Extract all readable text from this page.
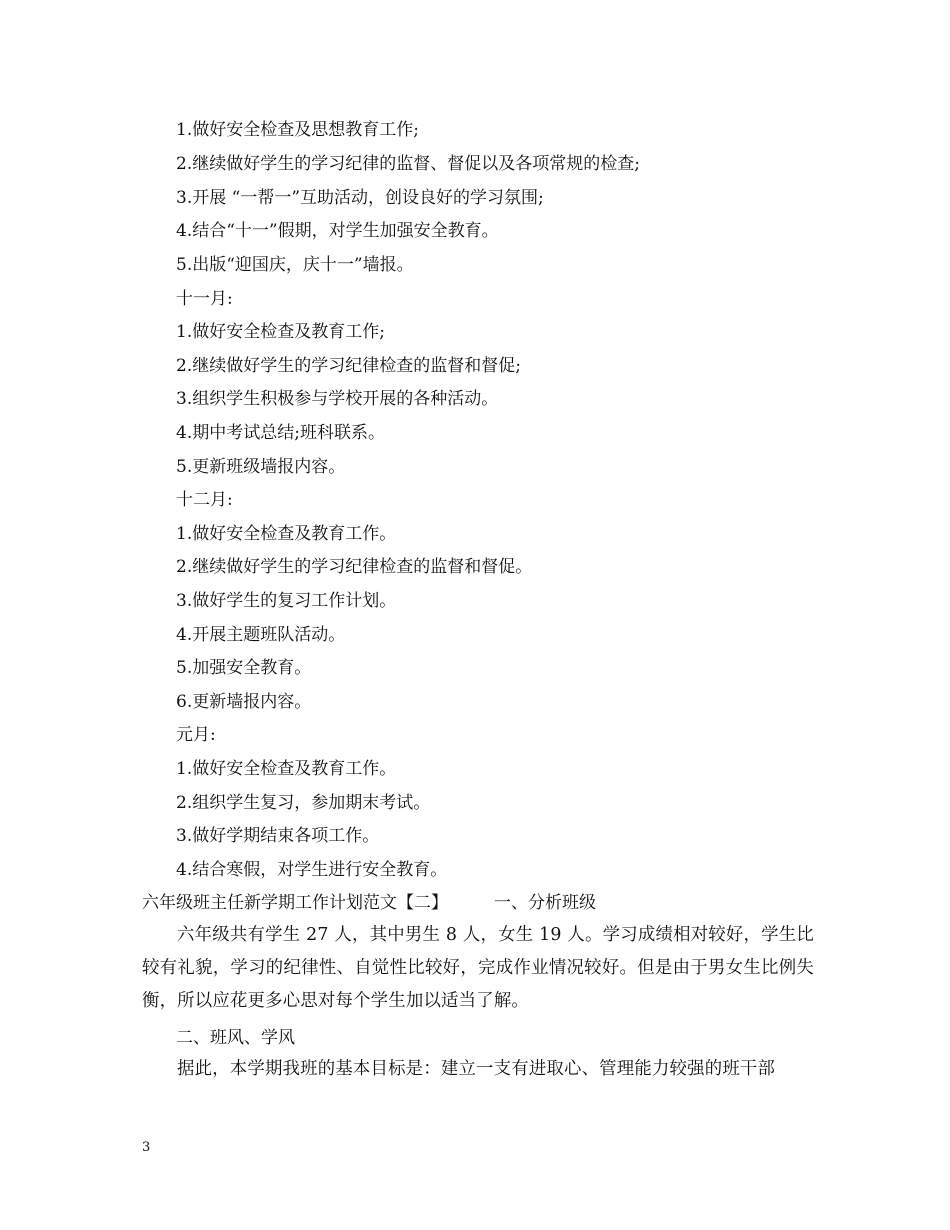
1.做好安全检查及思想教育工作;
2.继续做好学生的学习纪律的监督、督促以及各项常规的检查;
3.开展 “一帮一”互助活动，创设良好的学习氛围;
4.结合“十一”假期，对学生加强安全教育。
5.出版“迎国庆，庆十一”墙报。
十一月:
1.做好安全检查及教育工作;
2.继续做好学生的学习纪律检查的监督和督促;
3.组织学生积极参与学校开展的各种活动。
4.期中考试总结;班科联系。
5.更新班级墙报内容。
十二月:
1.做好安全检查及教育工作。
2.继续做好学生的学习纪律检查的监督和督促。
3.做好学生的复习工作计划。
4.开展主题班队活动。
5.加强安全教育。
6.更新墙报内容。
元月:
1.做好安全检查及教育工作。
2.组织学生复习，参加期末考试。
3.做好学期结束各项工作。
4.结合寒假，对学生进行安全教育。
六年级班主任新学期工作计划范文【二】	一、分析班级
六年级共有学生 27 人，其中男生 8 人，女生 19 人。学习成绩相对较好，学生比较有礼貌，学习的纪律性、自觉性比较好，完成作业情况较好。但是由于男女生比例失衡，所以应花更多心思对每个学生加以适当了解。
二、班风、学风
据此，本学期我班的基本目标是：建立一支有进取心、管理能力较强的班干部
3
